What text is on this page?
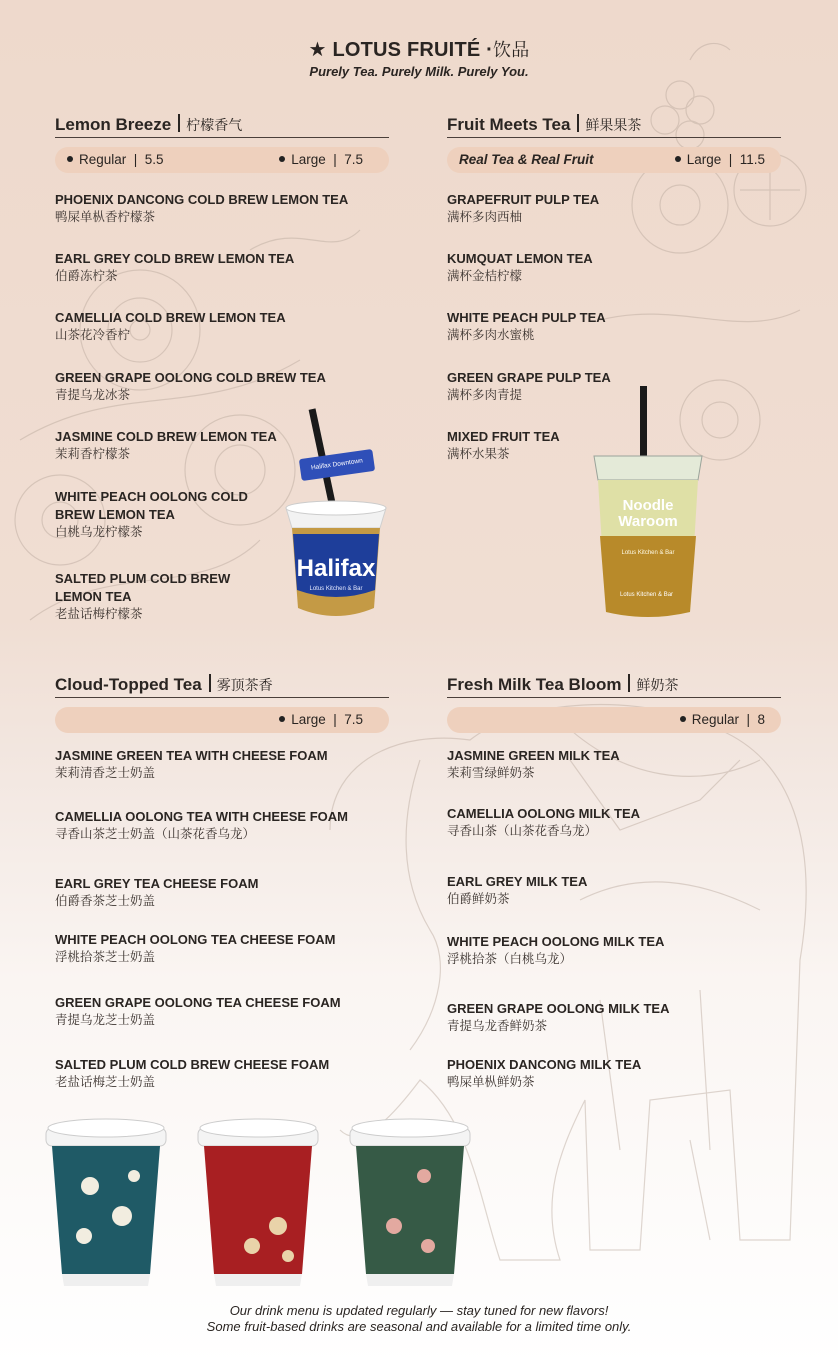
★ LOTUS FRUITÉ ·饮品
Purely Tea. Purely Milk. Purely You.
Lemon Breeze 柠檬香气
Regular  |  5.5	Large  |  7.5
PHOENIX DANCONG COLD BREW LEMON TEA
鸭屎单枞香柠檬茶
EARL GREY COLD BREW LEMON TEA
伯爵冻柠茶
CAMELLIA COLD BREW LEMON TEA
山茶花冷香柠
GREEN GRAPE OOLONG COLD BREW TEA
青提乌龙冰茶
JASMINE COLD BREW LEMON TEA
茉莉香柠檬茶
WHITE PEACH OOLONG COLD BREW LEMON TEA
白桃乌龙柠檬茶
SALTED PLUM COLD BREW LEMON TEA
老盐话梅柠檬茶
Fruit Meets Tea 鲜果果茶
Real Tea & Real Fruit	Large  |  11.5
GRAPEFRUIT PULP TEA
满杯多肉西柚
KUMQUAT LEMON TEA
满杯金桔柠檬
WHITE PEACH PULP TEA
满杯多肉水蜜桃
GREEN GRAPE PULP TEA
满杯多肉青提
MIXED FRUIT TEA
满杯水果茶
Halifax Downtown
Halifax
Lotus Kitchen & Bar
Noodle
Waroom
Lotus Kitchen & Bar
Lotus Kitchen & Bar
Cloud-Topped Tea 雾顶茶香
Large  |  7.5
JASMINE GREEN TEA WITH CHEESE FOAM
茉莉清香芝士奶盖
CAMELLIA OOLONG TEA WITH CHEESE FOAM
寻香山茶芝士奶盖（山茶花香乌龙）
EARL GREY TEA CHEESE FOAM
伯爵香茶芝士奶盖
WHITE PEACH OOLONG TEA CHEESE FOAM
浮桃拾茶芝士奶盖
GREEN GRAPE OOLONG TEA CHEESE FOAM
青提乌龙芝士奶盖
SALTED PLUM COLD BREW CHEESE FOAM
老盐话梅芝士奶盖
Fresh Milk Tea Bloom 鲜奶茶
Regular  |  8
JASMINE GREEN MILK TEA
茉莉雪绿鲜奶茶
CAMELLIA OOLONG MILK TEA
寻香山茶（山茶花香乌龙）
EARL GREY MILK TEA
伯爵鲜奶茶
WHITE PEACH OOLONG MILK TEA
浮桃拾茶（白桃乌龙）
GREEN GRAPE OOLONG MILK TEA
青提乌龙香鲜奶茶
PHOENIX DANCONG MILK TEA
鸭屎单枞鲜奶茶
Our drink menu is updated regularly — stay tuned for new flavors!
Some fruit-based drinks are seasonal and available for a limited time only.
